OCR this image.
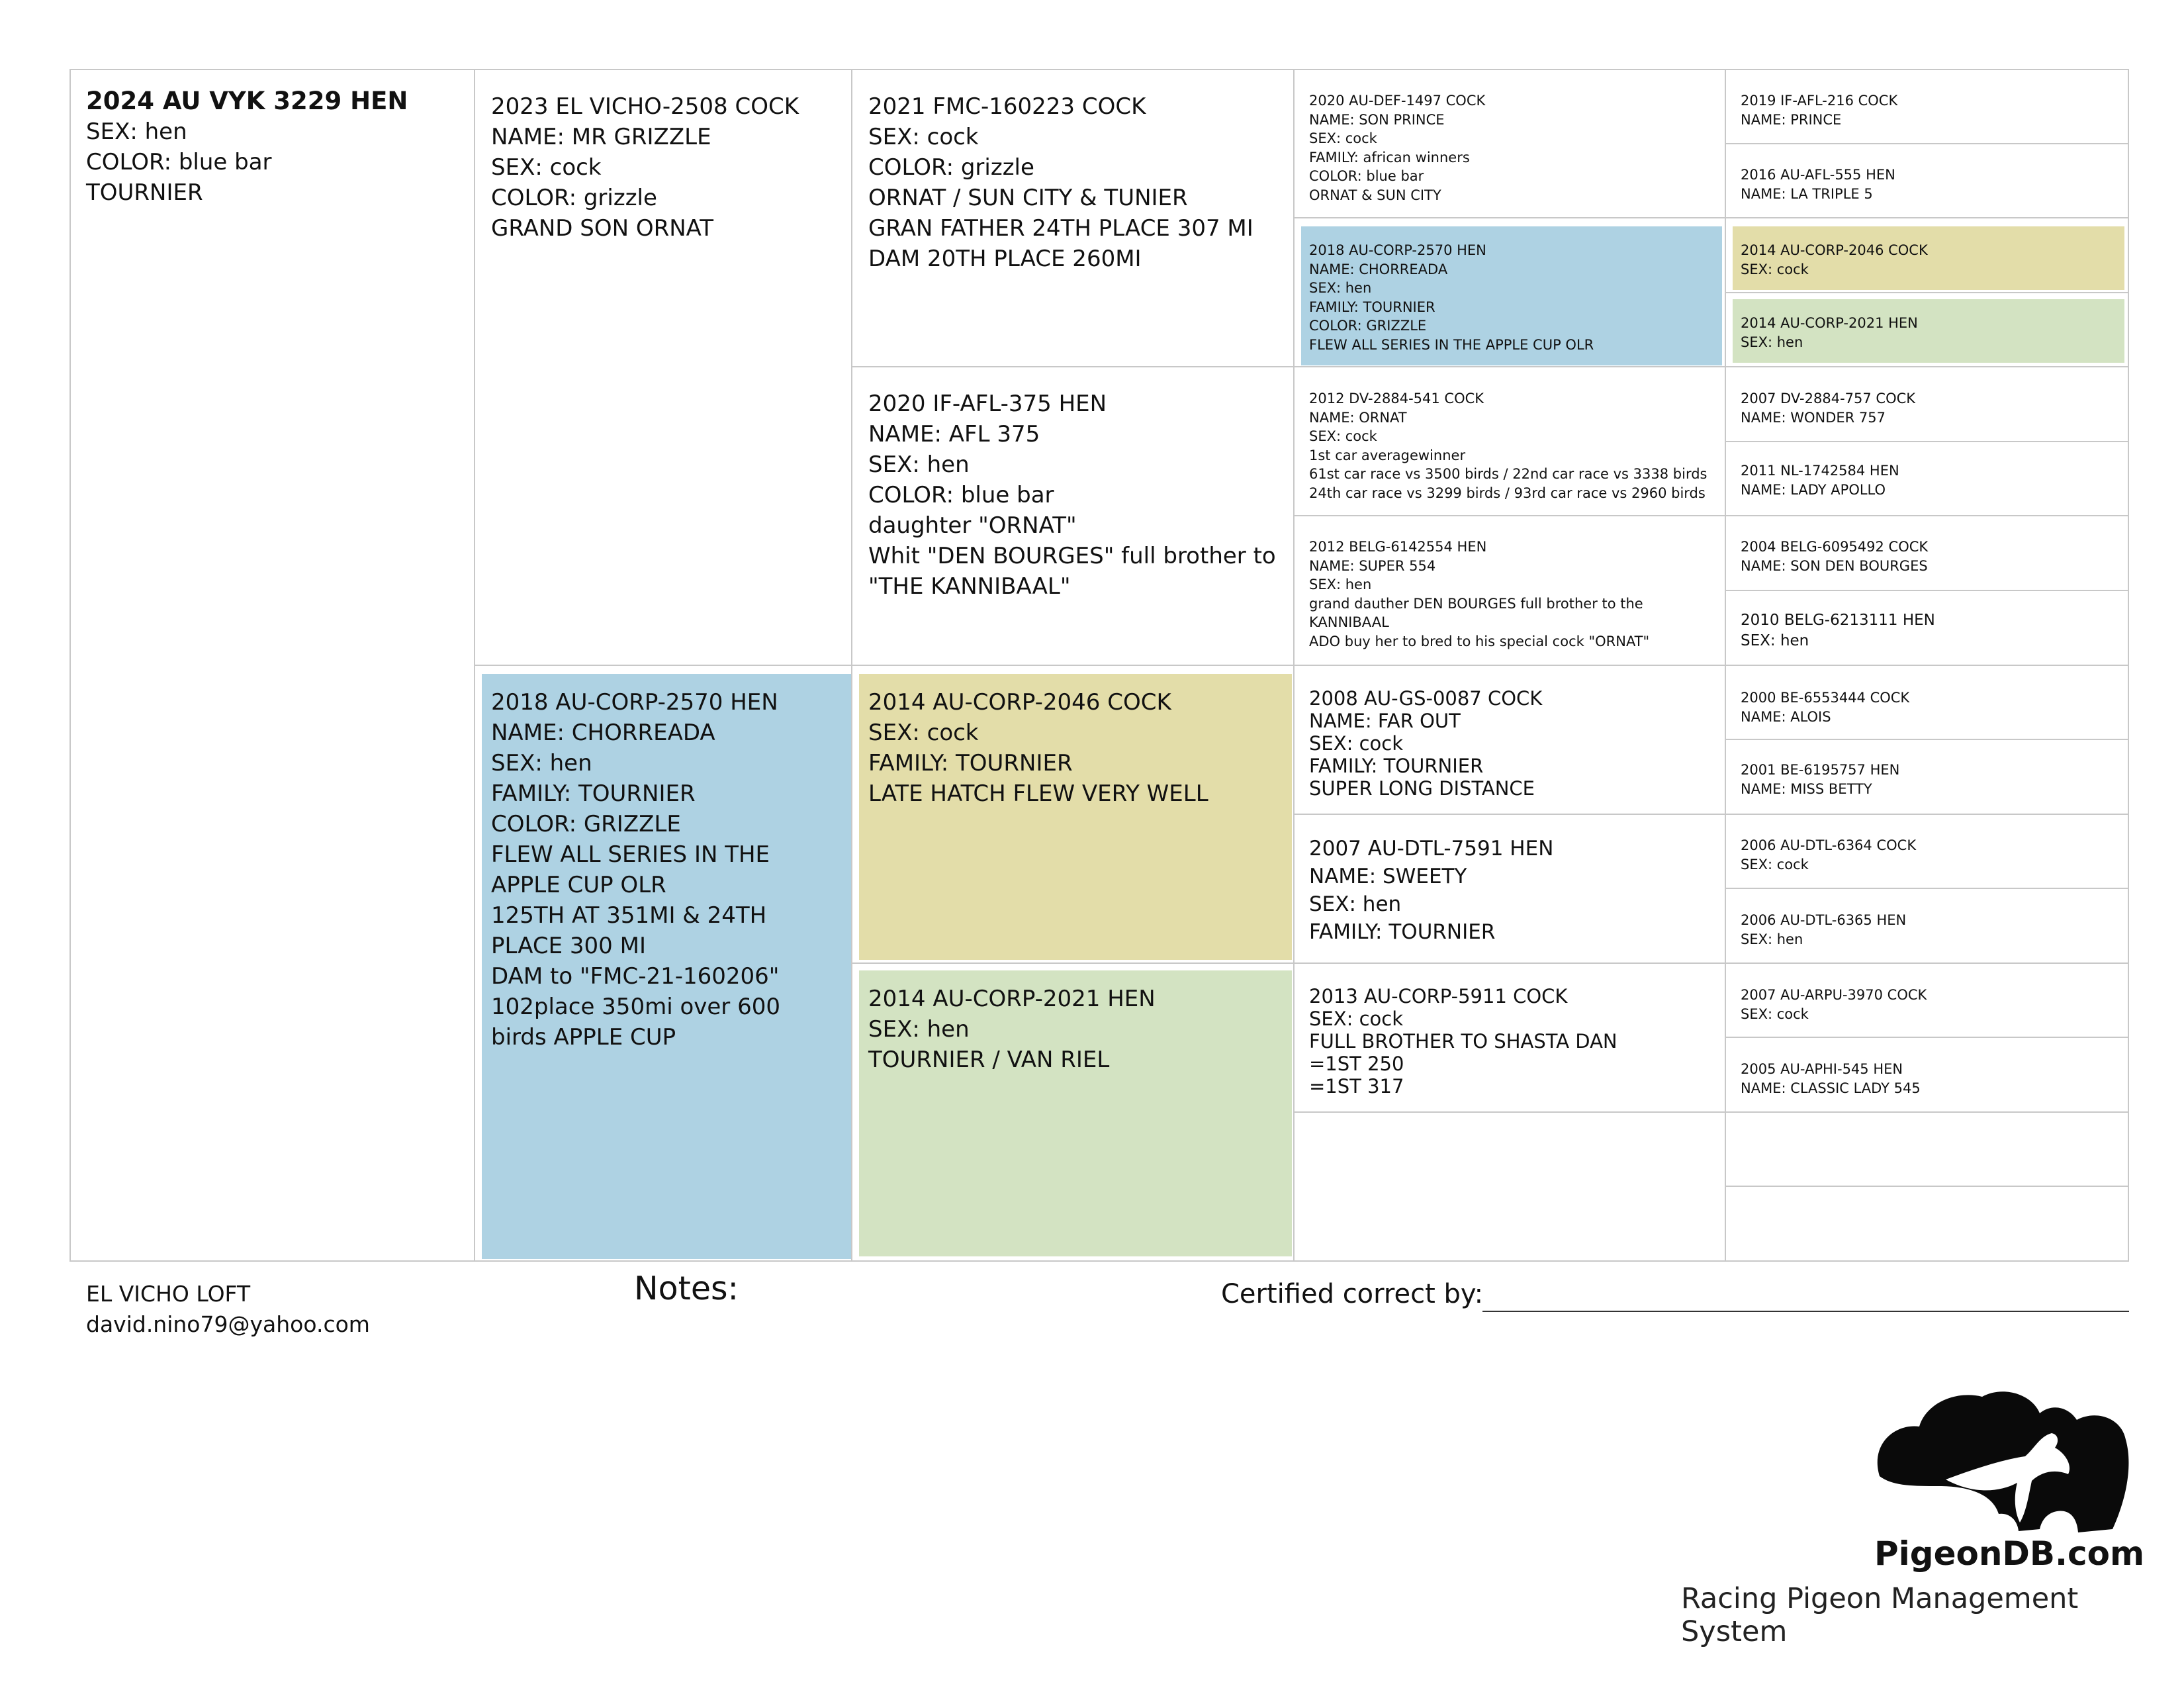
2024 AU VYK 3229 HEN
SEX: hen
COLOR: blue bar
TOURNIER
2023 EL VICHO-2508 COCK
NAME: MR GRIZZLE
SEX: cock
COLOR: grizzle
GRAND SON ORNAT
2018 AU-CORP-2570 HEN
NAME: CHORREADA
SEX: hen
FAMILY: TOURNIER
COLOR: GRIZZLE
FLEW ALL SERIES IN THE APPLE CUP OLR
125TH AT 351MI & 24TH PLACE 300 MI
DAM to "FMC-21-160206"
102place 350mi over 600 birds APPLE CUP
2021 FMC-160223 COCK
SEX: cock
COLOR: grizzle
ORNAT / SUN CITY & TUNIER
GRAN FATHER 24TH PLACE 307 MI
DAM 20TH PLACE 260MI
2020 IF-AFL-375 HEN
NAME: AFL 375
SEX: hen
COLOR: blue bar
daughter "ORNAT"
Whit "DEN BOURGES" full brother to "THE KANNIBAAL"
2014 AU-CORP-2046 COCK
SEX: cock
FAMILY: TOURNIER
LATE HATCH FLEW VERY WELL
2014 AU-CORP-2021 HEN
SEX: hen
TOURNIER / VAN RIEL
2020 AU-DEF-1497 COCK
NAME: SON PRINCE
SEX: cock
FAMILY: african winners
COLOR: blue bar
ORNAT & SUN CITY
2018 AU-CORP-2570 HEN
NAME: CHORREADA
SEX: hen
FAMILY: TOURNIER
COLOR: GRIZZLE
FLEW ALL SERIES IN THE APPLE CUP OLR
2012 DV-2884-541 COCK
NAME: ORNAT
SEX: cock
1st car averagewinner
61st car race vs 3500 birds / 22nd car race vs 3338 birds
24th car race vs 3299 birds / 93rd car race vs 2960 birds
2012 BELG-6142554 HEN
NAME: SUPER 554
SEX: hen
grand dauther DEN BOURGES full brother to the KANNIBAAL
ADO buy her to bred to his special cock "ORNAT"
2008 AU-GS-0087 COCK
NAME: FAR OUT
SEX: cock
FAMILY: TOURNIER
SUPER LONG DISTANCE
2007 AU-DTL-7591 HEN
NAME: SWEETY
SEX: hen
FAMILY: TOURNIER
2013 AU-CORP-5911 COCK
SEX: cock
FULL BROTHER TO SHASTA DAN
=1ST 250
=1ST 317
2019 IF-AFL-216 COCK
NAME: PRINCE
2016 AU-AFL-555 HEN
NAME: LA TRIPLE 5
2014 AU-CORP-2046 COCK
SEX: cock
2014 AU-CORP-2021 HEN
SEX: hen
2007 DV-2884-757 COCK
NAME: WONDER 757
2011 NL-1742584 HEN
NAME: LADY APOLLO
2004 BELG-6095492 COCK
NAME: SON DEN BOURGES
2010 BELG-6213111 HEN
SEX: hen
2000 BE-6553444 COCK
NAME: ALOIS
2001 BE-6195757 HEN
NAME: MISS BETTY
2006 AU-DTL-6364 COCK
SEX: cock
2006 AU-DTL-6365 HEN
SEX: hen
2007 AU-ARPU-3970 COCK
SEX: cock
2005 AU-APHI-545 HEN
NAME: CLASSIC LADY 545
EL VICHO LOFT
david.nino79@yahoo.com
Notes:	Certified correct by:
PigeonDB.com
Racing Pigeon Management System
